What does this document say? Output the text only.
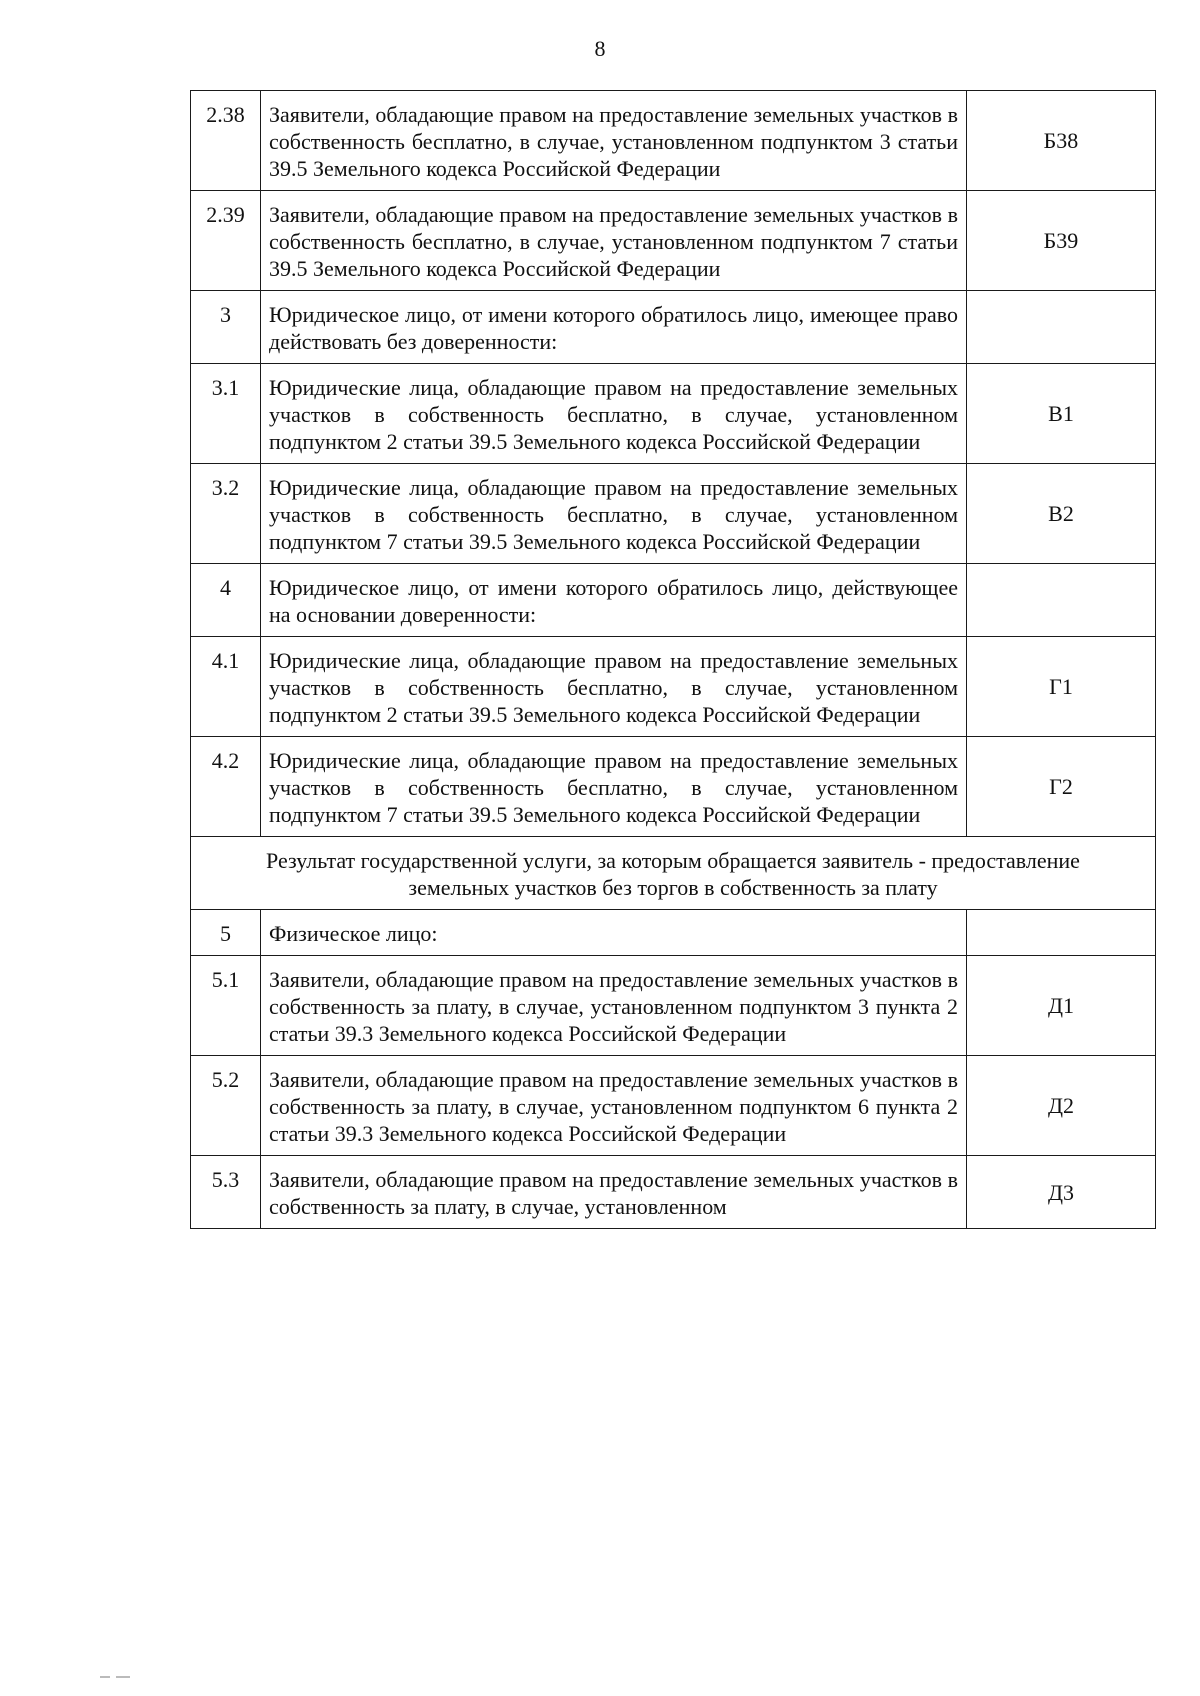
8
2.38	Заявители, обладающие правом на предоставление земельных участков в собственность бесплатно, в случае, установленном подпунктом 3 статьи 39.5 Земельного кодекса Российской Федерации	Б38
2.39	Заявители, обладающие правом на предоставление земельных участков в собственность бесплатно, в случае, установленном подпунктом 7 статьи 39.5 Земельного кодекса Российской Федерации	Б39
3	Юридическое лицо, от имени которого обратилось лицо, имеющее право действовать без доверенности:	
3.1	Юридические лица, обладающие правом на предоставление земельных участков в собственность бесплатно, в случае, установленном подпунктом 2 статьи 39.5 Земельного кодекса Российской Федерации	В1
3.2	Юридические лица, обладающие правом на предоставление земельных участков в собственность бесплатно, в случае, установленном подпунктом 7 статьи 39.5 Земельного кодекса Российской Федерации	В2
4	Юридическое лицо, от имени которого обратилось лицо, действующее на основании доверенности:	
4.1	Юридические лица, обладающие правом на предоставление земельных участков в собственность бесплатно, в случае, установленном подпунктом 2 статьи 39.5 Земельного кодекса Российской Федерации	Г1
4.2	Юридические лица, обладающие правом на предоставление земельных участков в собственность бесплатно, в случае, установленном подпунктом 7 статьи 39.5 Земельного кодекса Российской Федерации	Г2
Результат государственной услуги, за которым обращается заявитель - предоставление земельных участков без торгов в собственность за плату		
5	Физическое лицо:	
5.1	Заявители, обладающие правом на предоставление земельных участков в собственность за плату, в случае, установленном подпунктом 3 пункта 2 статьи 39.3 Земельного кодекса Российской Федерации	Д1
5.2	Заявители, обладающие правом на предоставление земельных участков в собственность за плату, в случае, установленном подпунктом 6 пункта 2 статьи 39.3 Земельного кодекса Российской Федерации	Д2
5.3	Заявители, обладающие правом на предоставление земельных участков в собственность за плату, в случае, установленном	Д3
